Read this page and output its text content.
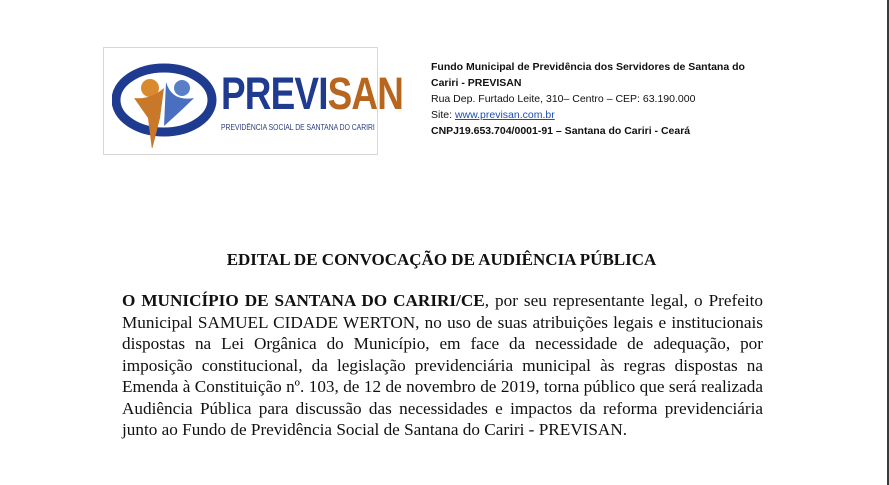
PREVISAN
PREVIDÊNCIA SOCIAL DE SANTANA DO CARIRI
Fundo Municipal de Previdência dos Servidores de Santana do Cariri - PREVISAN
Rua Dep. Furtado Leite, 310– Centro – CEP: 63.190.000
Site: www.previsan.com.br
CNPJ19.653.704/0001-91 – Santana do Cariri - Ceará
EDITAL DE CONVOCAÇÃO DE AUDIÊNCIA PÚBLICA
O MUNICÍPIO DE SANTANA DO CARIRI/CE, por seu representante legal, o Prefeito Municipal SAMUEL CIDADE WERTON, no uso de suas atribuições legais e institucionais dispostas na Lei Orgânica do Município, em face da necessidade de adequação, por imposição constitucional, da legislação previdenciária municipal às regras dispostas na Emenda à Constituição nº. 103, de 12 de novembro de 2019, torna público que será realizada Audiência Pública para discussão das necessidades e impactos da reforma previdenciária junto ao Fundo de Previdência Social de Santana do Cariri - PREVISAN.
